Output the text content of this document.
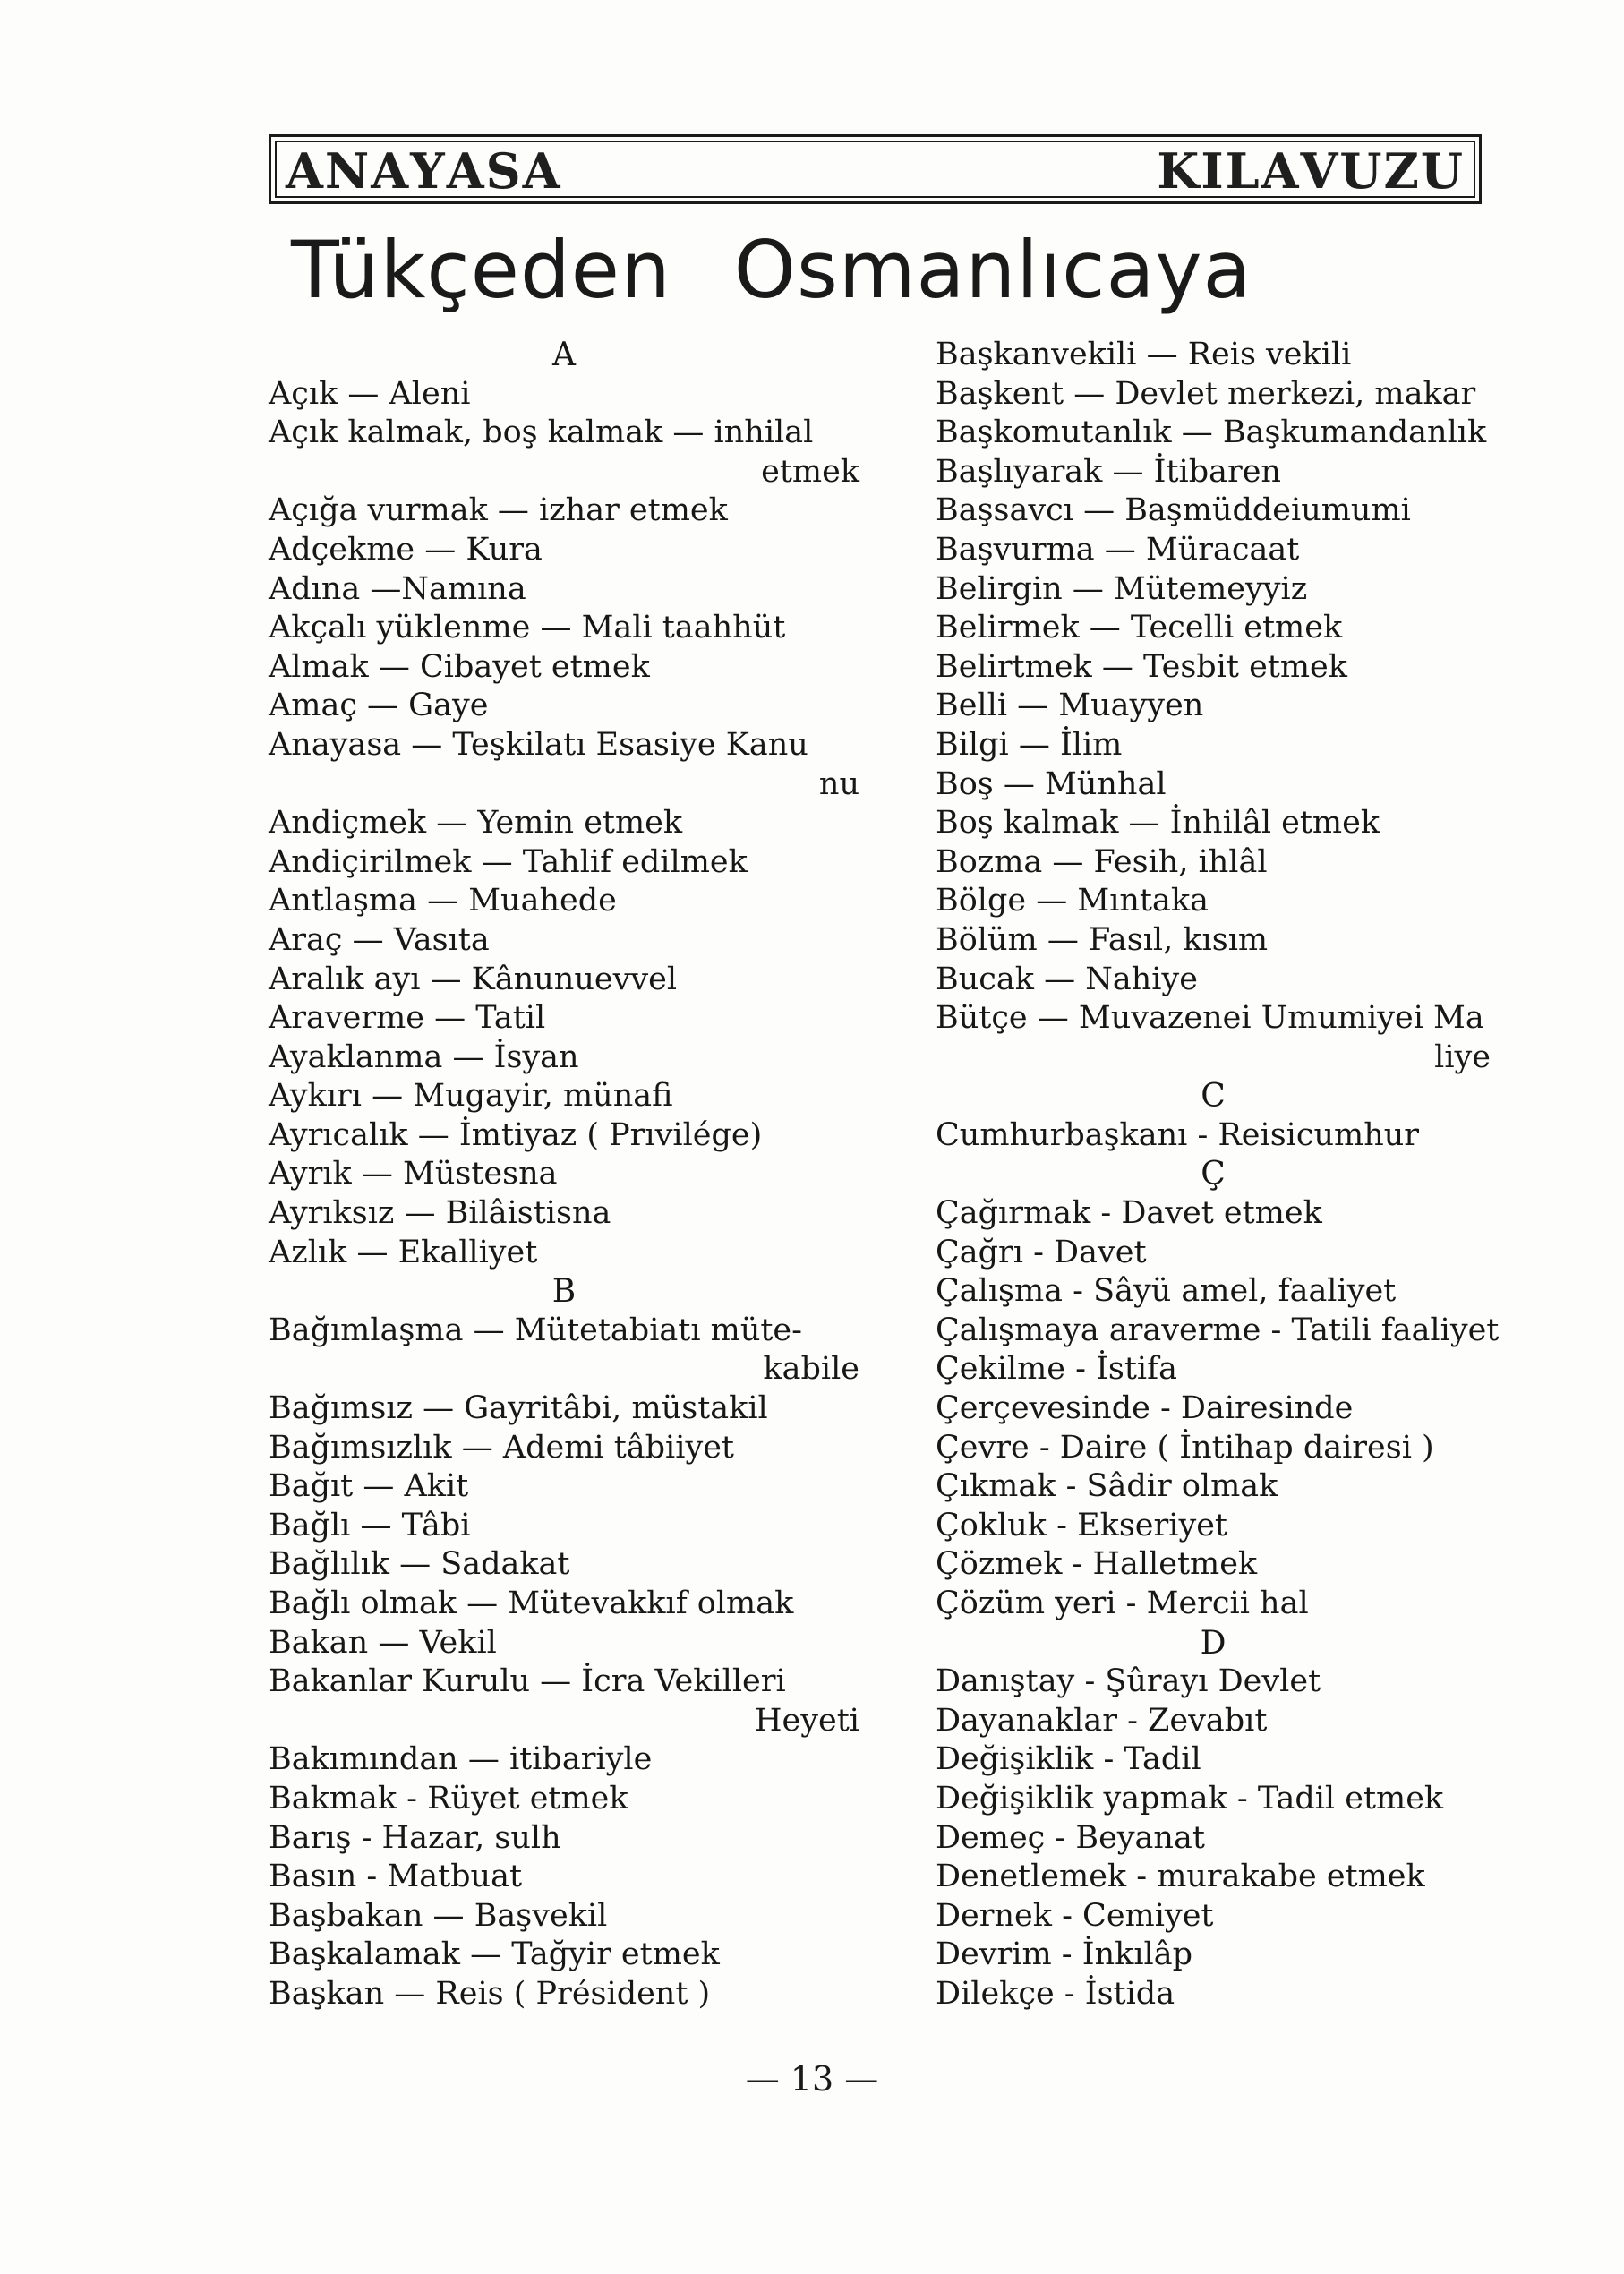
A N A Y A S A	K I L A V U Z U
Tükçeden Osmanlıcaya
A
Açık — Aleni
Açık kalmak, boş kalmak — inhilal
etmek
Açığa vurmak — izhar etmek
Adçekme — Kura
Adına —Namına
Akçalı yüklenme — Mali taahhüt
Almak — Cibayet etmek
Amaç — Gaye
Anayasa — Teşkilatı Esasiye Kanu
nu
Andiçmek — Yemin etmek
Andiçirilmek — Tahlif edilmek
Antlaşma — Muahede
Araç — Vasıta
Aralık ayı — Kânunuevvel
Araverme — Tatil
Ayaklanma — İsyan
Aykırı — Mugayir, münafi
Ayrıcalık — İmtiyaz ( Prıvilége)
Ayrık — Müstesna
Ayrıksız — Bilâistisna
Azlık — Ekalliyet
B
Bağımlaşma — Mütetabiatı müte-
kabile
Bağımsız — Gayritâbi, müstakil
Bağımsızlık — Ademi tâbiiyet
Bağıt — Akit
Bağlı — Tâbi
Bağlılık — Sadakat
Bağlı olmak — Mütevakkıf olmak
Bakan — Vekil
Bakanlar Kurulu — İcra Vekilleri
Heyeti
Bakımından — itibariyle
Bakmak - Rüyet etmek
Barış - Hazar, sulh
Basın - Matbuat
Başbakan — Başvekil
Başkalamak — Tağyir etmek
Başkan — Reis ( Président )
Başkanvekili — Reis vekili
Başkent — Devlet merkezi, makar
Başkomutanlık — Başkumandanlık
Başlıyarak — İtibaren
Başsavcı — Başmüddeiumumi
Başvurma — Müracaat
Belirgin — Mütemeyyiz
Belirmek — Tecelli etmek
Belirtmek — Tesbit etmek
Belli — Muayyen
Bilgi — İlim
Boş — Münhal
Boş kalmak — İnhilâl etmek
Bozma — Fesih, ihlâl
Bölge — Mıntaka
Bölüm — Fasıl, kısım
Bucak — Nahiye
Bütçe — Muvazenei Umumiyei Ma
liye
C
Cumhurbaşkanı - Reisicumhur
Ç
Çağırmak - Davet etmek
Çağrı - Davet
Çalışma - Sâyü amel, faaliyet
Çalışmaya araverme - Tatili faaliyet
Çekilme - İstifa
Çerçevesinde - Dairesinde
Çevre - Daire ( İntihap dairesi )
Çıkmak - Sâdir olmak
Çokluk - Ekseriyet
Çözmek - Halletmek
Çözüm yeri - Mercii hal
D
Danıştay - Şûrayı Devlet
Dayanaklar - Zevabıt
Değişiklik - Tadil
Değişiklik yapmak - Tadil etmek
Demeç - Beyanat
Denetlemek - murakabe etmek
Dernek - Cemiyet
Devrim - İnkılâp
Dilekçe - İstida
— 13 —
